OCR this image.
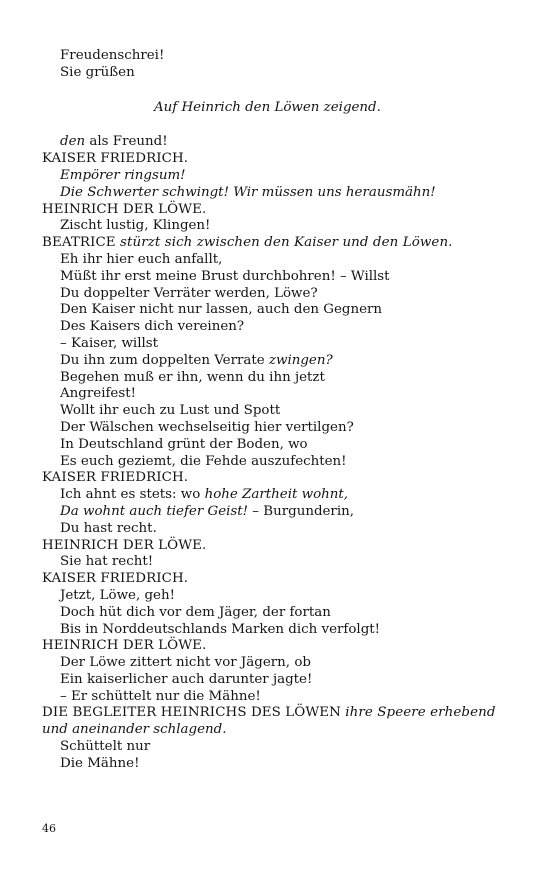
Freudenschrei!
Sie grüßen
Auf Heinrich den Löwen zeigend.
den als Freund!
KAISER FRIEDRICH.
Empörer ringsum!
Die Schwerter schwingt! Wir müssen uns herausmähn!
HEINRICH DER LÖWE.
Zischt lustig, Klingen!
BEATRICE stürzt sich zwischen den Kaiser und den Löwen.
Eh ihr hier euch anfallt,
Müßt ihr erst meine Brust durchbohren! – Willst
Du doppelter Verräter werden, Löwe?
Den Kaiser nicht nur lassen, auch den Gegnern
Des Kaisers dich vereinen?
– Kaiser, willst
Du ihn zum doppelten Verrate zwingen?
Begehen muß er ihn, wenn du ihn jetzt
Angreifest!
Wollt ihr euch zu Lust und Spott
Der Wälschen wechselseitig hier vertilgen?
In Deutschland grünt der Boden, wo
Es euch geziemt, die Fehde auszufechten!
KAISER FRIEDRICH.
Ich ahnt es stets: wo hohe Zartheit wohnt,
Da wohnt auch tiefer Geist! – Burgunderin,
Du hast recht.
HEINRICH DER LÖWE.
Sie hat recht!
KAISER FRIEDRICH.
Jetzt, Löwe, geh!
Doch hüt dich vor dem Jäger, der fortan
Bis in Norddeutschlands Marken dich verfolgt!
HEINRICH DER LÖWE.
Der Löwe zittert nicht vor Jägern, ob
Ein kaiserlicher auch darunter jagte!
– Er schüttelt nur die Mähne!
DIE BEGLEITER HEINRICHS DES LÖWEN ihre Speere erhebend
und aneinander schlagend.
Schüttelt nur
Die Mähne!
46
